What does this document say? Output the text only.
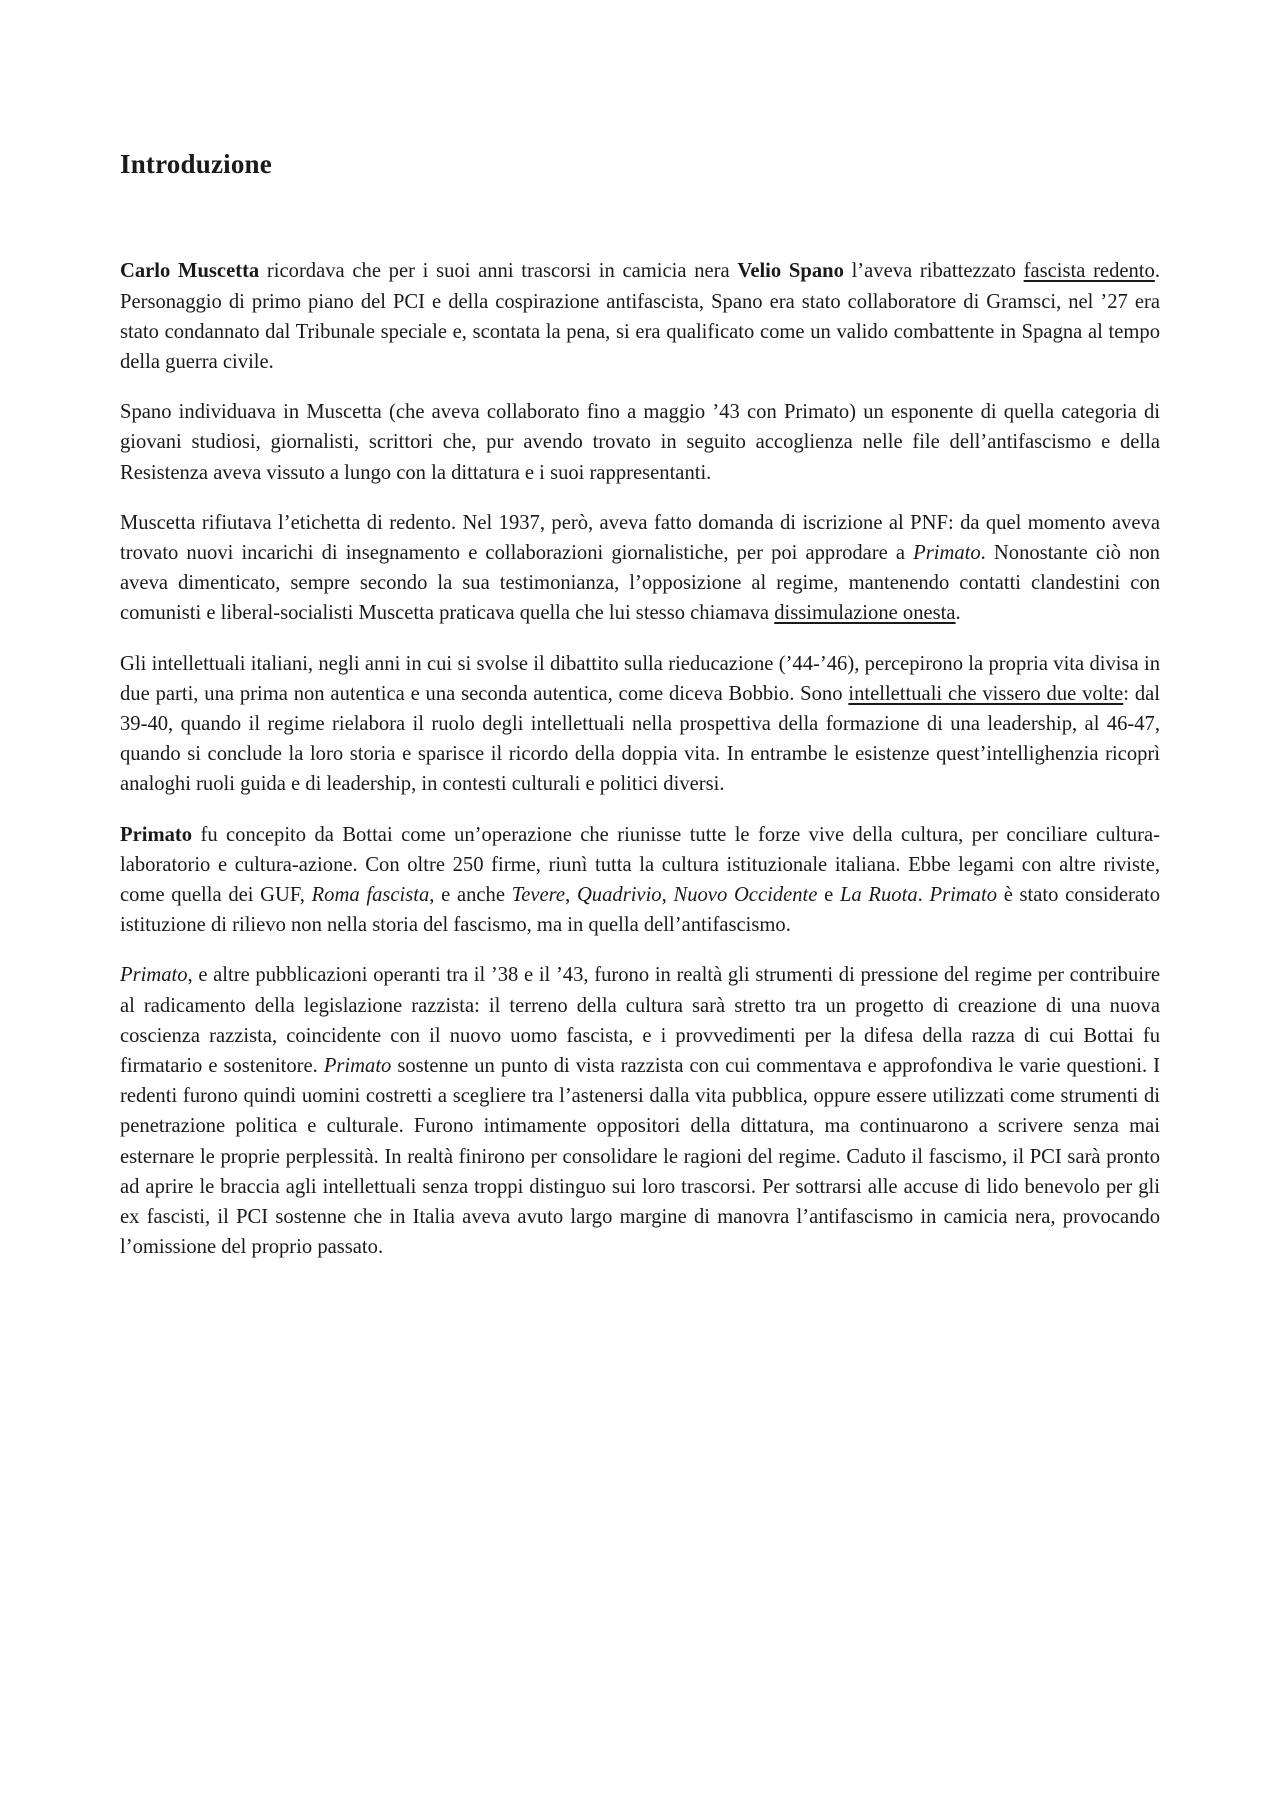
Introduzione

Carlo Muscetta ricordava che per i suoi anni trascorsi in camicia nera Velio Spano l’aveva ribattezzato fascista redento. Personaggio di primo piano del PCI e della cospirazione antifascista, Spano era stato collaboratore di Gramsci, nel ’27 era stato condannato dal Tribunale speciale e, scontata la pena, si era qualificato come un valido combattente in Spagna al tempo della guerra civile.

Spano individuava in Muscetta (che aveva collaborato fino a maggio ’43 con Primato) un esponente di quella categoria di giovani studiosi, giornalisti, scrittori che, pur avendo trovato in seguito accoglienza nelle file dell’antifascismo e della Resistenza aveva vissuto a lungo con la dittatura e i suoi rappresentanti.

Muscetta rifiutava l’etichetta di redento. Nel 1937, però, aveva fatto domanda di iscrizione al PNF: da quel momento aveva trovato nuovi incarichi di insegnamento e collaborazioni giornalistiche, per poi approdare a Primato. Nonostante ciò non aveva dimenticato, sempre secondo la sua testimonianza, l’opposizione al regime, mantenendo contatti clandestini con comunisti e liberal-socialisti Muscetta praticava quella che lui stesso chiamava dissimulazione onesta.

Gli intellettuali italiani, negli anni in cui si svolse il dibattito sulla rieducazione (’44-’46), percepirono la propria vita divisa in due parti, una prima non autentica e una seconda autentica, come diceva Bobbio. Sono intellettuali che vissero due volte: dal 39-40, quando il regime rielabora il ruolo degli intellettuali nella prospettiva della formazione di una leadership, al 46-47, quando si conclude la loro storia e sparisce il ricordo della doppia vita. In entrambe le esistenze quest’intellighenzia ricoprì analoghi ruoli guida e di leadership, in contesti culturali e politici diversi.

Primato fu concepito da Bottai come un’operazione che riunisse tutte le forze vive della cultura, per conciliare cultura-laboratorio e cultura-azione. Con oltre 250 firme, riunì tutta la cultura istituzionale italiana. Ebbe legami con altre riviste, come quella dei GUF, Roma fascista, e anche Tevere, Quadrivio, Nuovo Occidente e La Ruota. Primato è stato considerato istituzione di rilievo non nella storia del fascismo, ma in quella dell’antifascismo.

Primato, e altre pubblicazioni operanti tra il ’38 e il ’43, furono in realtà gli strumenti di pressione del regime per contribuire al radicamento della legislazione razzista: il terreno della cultura sarà stretto tra un progetto di creazione di una nuova coscienza razzista, coincidente con il nuovo uomo fascista, e i provvedimenti per la difesa della razza di cui Bottai fu firmatario e sostenitore. Primato sostenne un punto di vista razzista con cui commentava e approfondiva le varie questioni. I redenti furono quindi uomini costretti a scegliere tra l’astenersi dalla vita pubblica, oppure essere utilizzati come strumenti di penetrazione politica e culturale. Furono intimamente oppositori della dittatura, ma continuarono a scrivere senza mai esternare le proprie perplessità. In realtà finirono per consolidare le ragioni del regime. Caduto il fascismo, il PCI sarà pronto ad aprire le braccia agli intellettuali senza troppi distinguo sui loro trascorsi. Per sottrarsi alle accuse di lido benevolo per gli ex fascisti, il PCI sostenne che in Italia aveva avuto largo margine di manovra l’antifascismo in camicia nera, provocando l’omissione del proprio passato.
